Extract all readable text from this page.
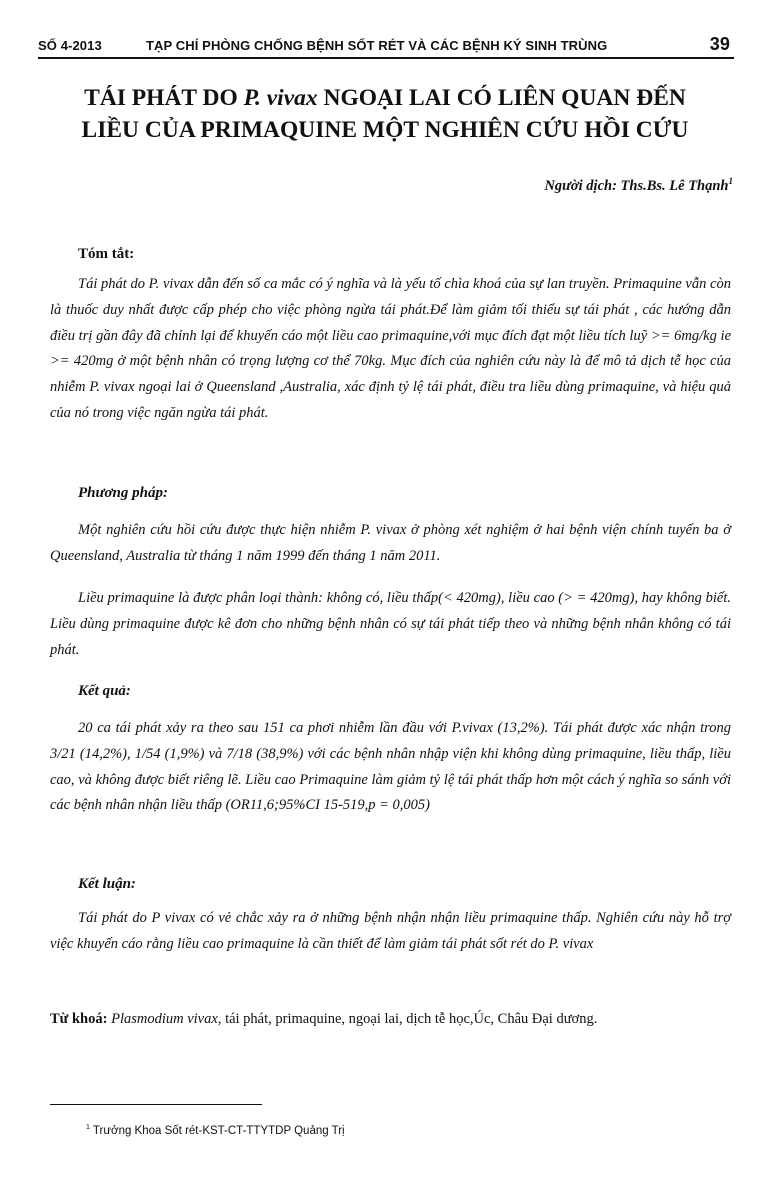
SỐ 4-2013	TẠP CHÍ PHÒNG CHỐNG BỆNH SỐT RÉT VÀ CÁC BỆNH KÝ SINH TRÙNG	39
TÁI PHÁT DO P. vivax NGOẠI LAI CÓ LIÊN QUAN ĐẾN
LIỀU CỦA PRIMAQUINE MỘT NGHIÊN CỨU HỒI CỨU
Người dịch: Ths.Bs. Lê Thạnh$^1$
Tóm tắt:

Tái phát do P. vivax dẫn đến số ca mắc có ý nghĩa và là yếu tố chìa khoá của sự lan truyền. Primaquine vẫn còn là thuốc duy nhất được cấp phép cho việc phòng ngừa tái phát.Để làm giảm tối thiểu sự tái phát , các hướng dẫn điều trị gần đây đã chỉnh lại để khuyến cáo một liều cao primaquine,với mục đích đạt một liều tích luỹ >= 6mg/kg ie >= 420mg ở một bệnh nhân có trọng lượng cơ thể 70kg. Mục đích của nghiên cứu này là để mô tả dịch tễ học của nhiễm P. vivax ngoại lai ở Queensland ,Australia, xác định tỷ lệ tái phát, điều tra liều dùng primaquine, và hiệu quả của nó trong việc ngăn ngừa tái phát.

Phương pháp:

Một nghiên cứu hồi cứu được thực hiện nhiễm P. vivax ở phòng xét nghiệm ở hai bệnh viện chính tuyến ba ở Queensland, Australia từ tháng 1 năm 1999 đến tháng 1 năm 2011.

Liều primaquine là được phân loại thành: không có, liều thấp(< 420mg), liều cao (> = 420mg), hay không biết. Liều dùng primaquine được kê đơn cho những bệnh nhân có sự tái phát tiếp theo và những bệnh nhân không có tái phát.

Kết quả:

20 ca tái phát xảy ra theo sau 151 ca phơi nhiễm lần đầu với P.vivax (13,2%). Tái phát được xác nhận trong 3/21 (14,2%), 1/54 (1,9%) và 7/18 (38,9%) với các bệnh nhân nhập viện khi không dùng primaquine, liều thấp, liều cao, và không được biết riêng lẽ. Liều cao Primaquine làm giảm tỷ lệ tái phát thấp hơn một cách ý nghĩa so sánh với các bệnh nhân nhận liều thấp (OR11,6;95%CI 15-519,p = 0,005)

Kết luận:

Tái phát do P vivax có vẻ chắc xảy ra ở những bệnh nhận nhận liều primaquine thấp. Nghiên cứu này hỗ trợ việc khuyến cáo rằng liều cao primaquine là cần thiết để làm giảm tái phát sốt rét do P. vivax

Từ khoá: Plasmodium vivax, tái phát, primaquine, ngoại lai, dịch tễ học,Úc, Châu Đại dương.
$^1$ Trưởng Khoa Sốt rét-KST-CT-TTYTDP Quảng Trị
